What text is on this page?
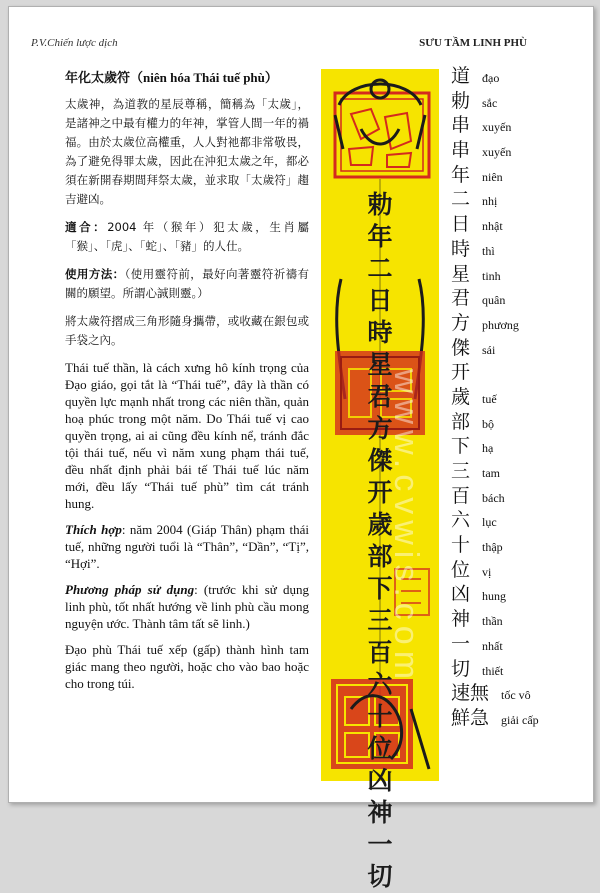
P.V.Chiến lược dịch	SƯU TẦM LINH PHÙ

年化太歲符（niên hóa Thái tuế phù）

太歲神，為道教的星辰尊稱，簡稱為「太歲」，是諸神之中最有權力的年神，掌管人間一年的禍福。由於太歲位高權重，人人對祂都非常敬畏，為了避免得罪太歲，因此在沖犯太歲之年，都必須在新開春期間拜祭太歲，並求取「太歲符」趨吉避凶。

適合：2004 年（猴年）犯太歲，生肖屬「猴」、「虎」、「蛇」、「豬」的人仕。

使用方法：（使用靈符前，最好向著靈符祈禱有關的願望。所謂心誠則靈。）

將太歲符摺成三角形隨身攜帶，或收藏在銀包或手袋之內。

Thái tuế thần, là cách xưng hô kính trọng của Đạo giáo, gọi tắt là “Thái tuế”, đây là thần có quyền lực mạnh nhất trong các niên thần, quản hoạ phúc trong một năm. Do Thái tuế vị cao quyền trọng, ai ai cũng đều kính nể, tránh đắc tội thái tuế, nếu vì năm xung phạm thái tuế, đều nhất định phải bái tế Thái tuế lúc năm mới, đều lấy “Thái tuế phù” tìm cát tránh hung.

Thích hợp: năm 2004 (Giáp Thân) phạm thái tuế, những người tuổi là “Thân”, “Dần”, “Tị”, “Hợi”.

Phương pháp sử dụng: (trước khi sử dụng linh phù, tốt nhất hướng về linh phù cầu mong nguyện ước. Thành tâm tất sẽ linh.)

Đạo phù Thái tuế xếp (gấp) thành hình tam giác mang theo người, hoặc cho vào bao hoặc cho trong túi.	www.cvwis.com
勅
年
二
日
時
星
君
方
傑
开
歲
部
下
三
百
六
十
位
凶
神
一
切
道 đạo
勅 sắc
串 xuyến
串 xuyến
年 niên
二 nhị
日 nhật
時 thì
星 tinh
君 quân
方 phương
傑 sái
开
歲 tuế
部 bộ
下 hạ
三 tam
百 bách
六 lục
十 thập
位 vị
凶 hung
神 thần
一 nhất
切 thiết
速無 tốc vô
鮮急 giải cấp
